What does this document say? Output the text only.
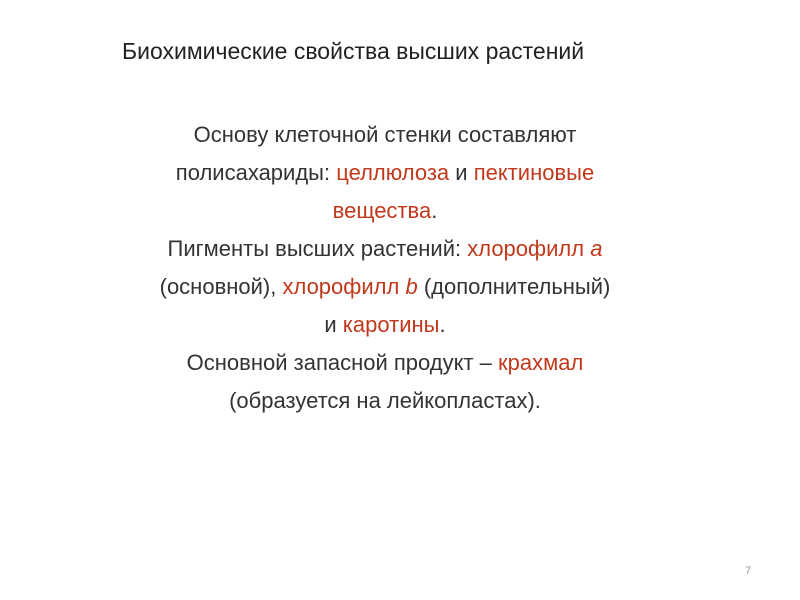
Биохимические свойства высших растений
Основу клеточной стенки составляют
полисахариды: целлюлоза и пектиновые
вещества.
Пигменты высших растений: хлорофилл a
(основной), хлорофилл b (дополнительный)
и каротины.
Основной запасной продукт – крахмал
(образуется на лейкопластах).
7
